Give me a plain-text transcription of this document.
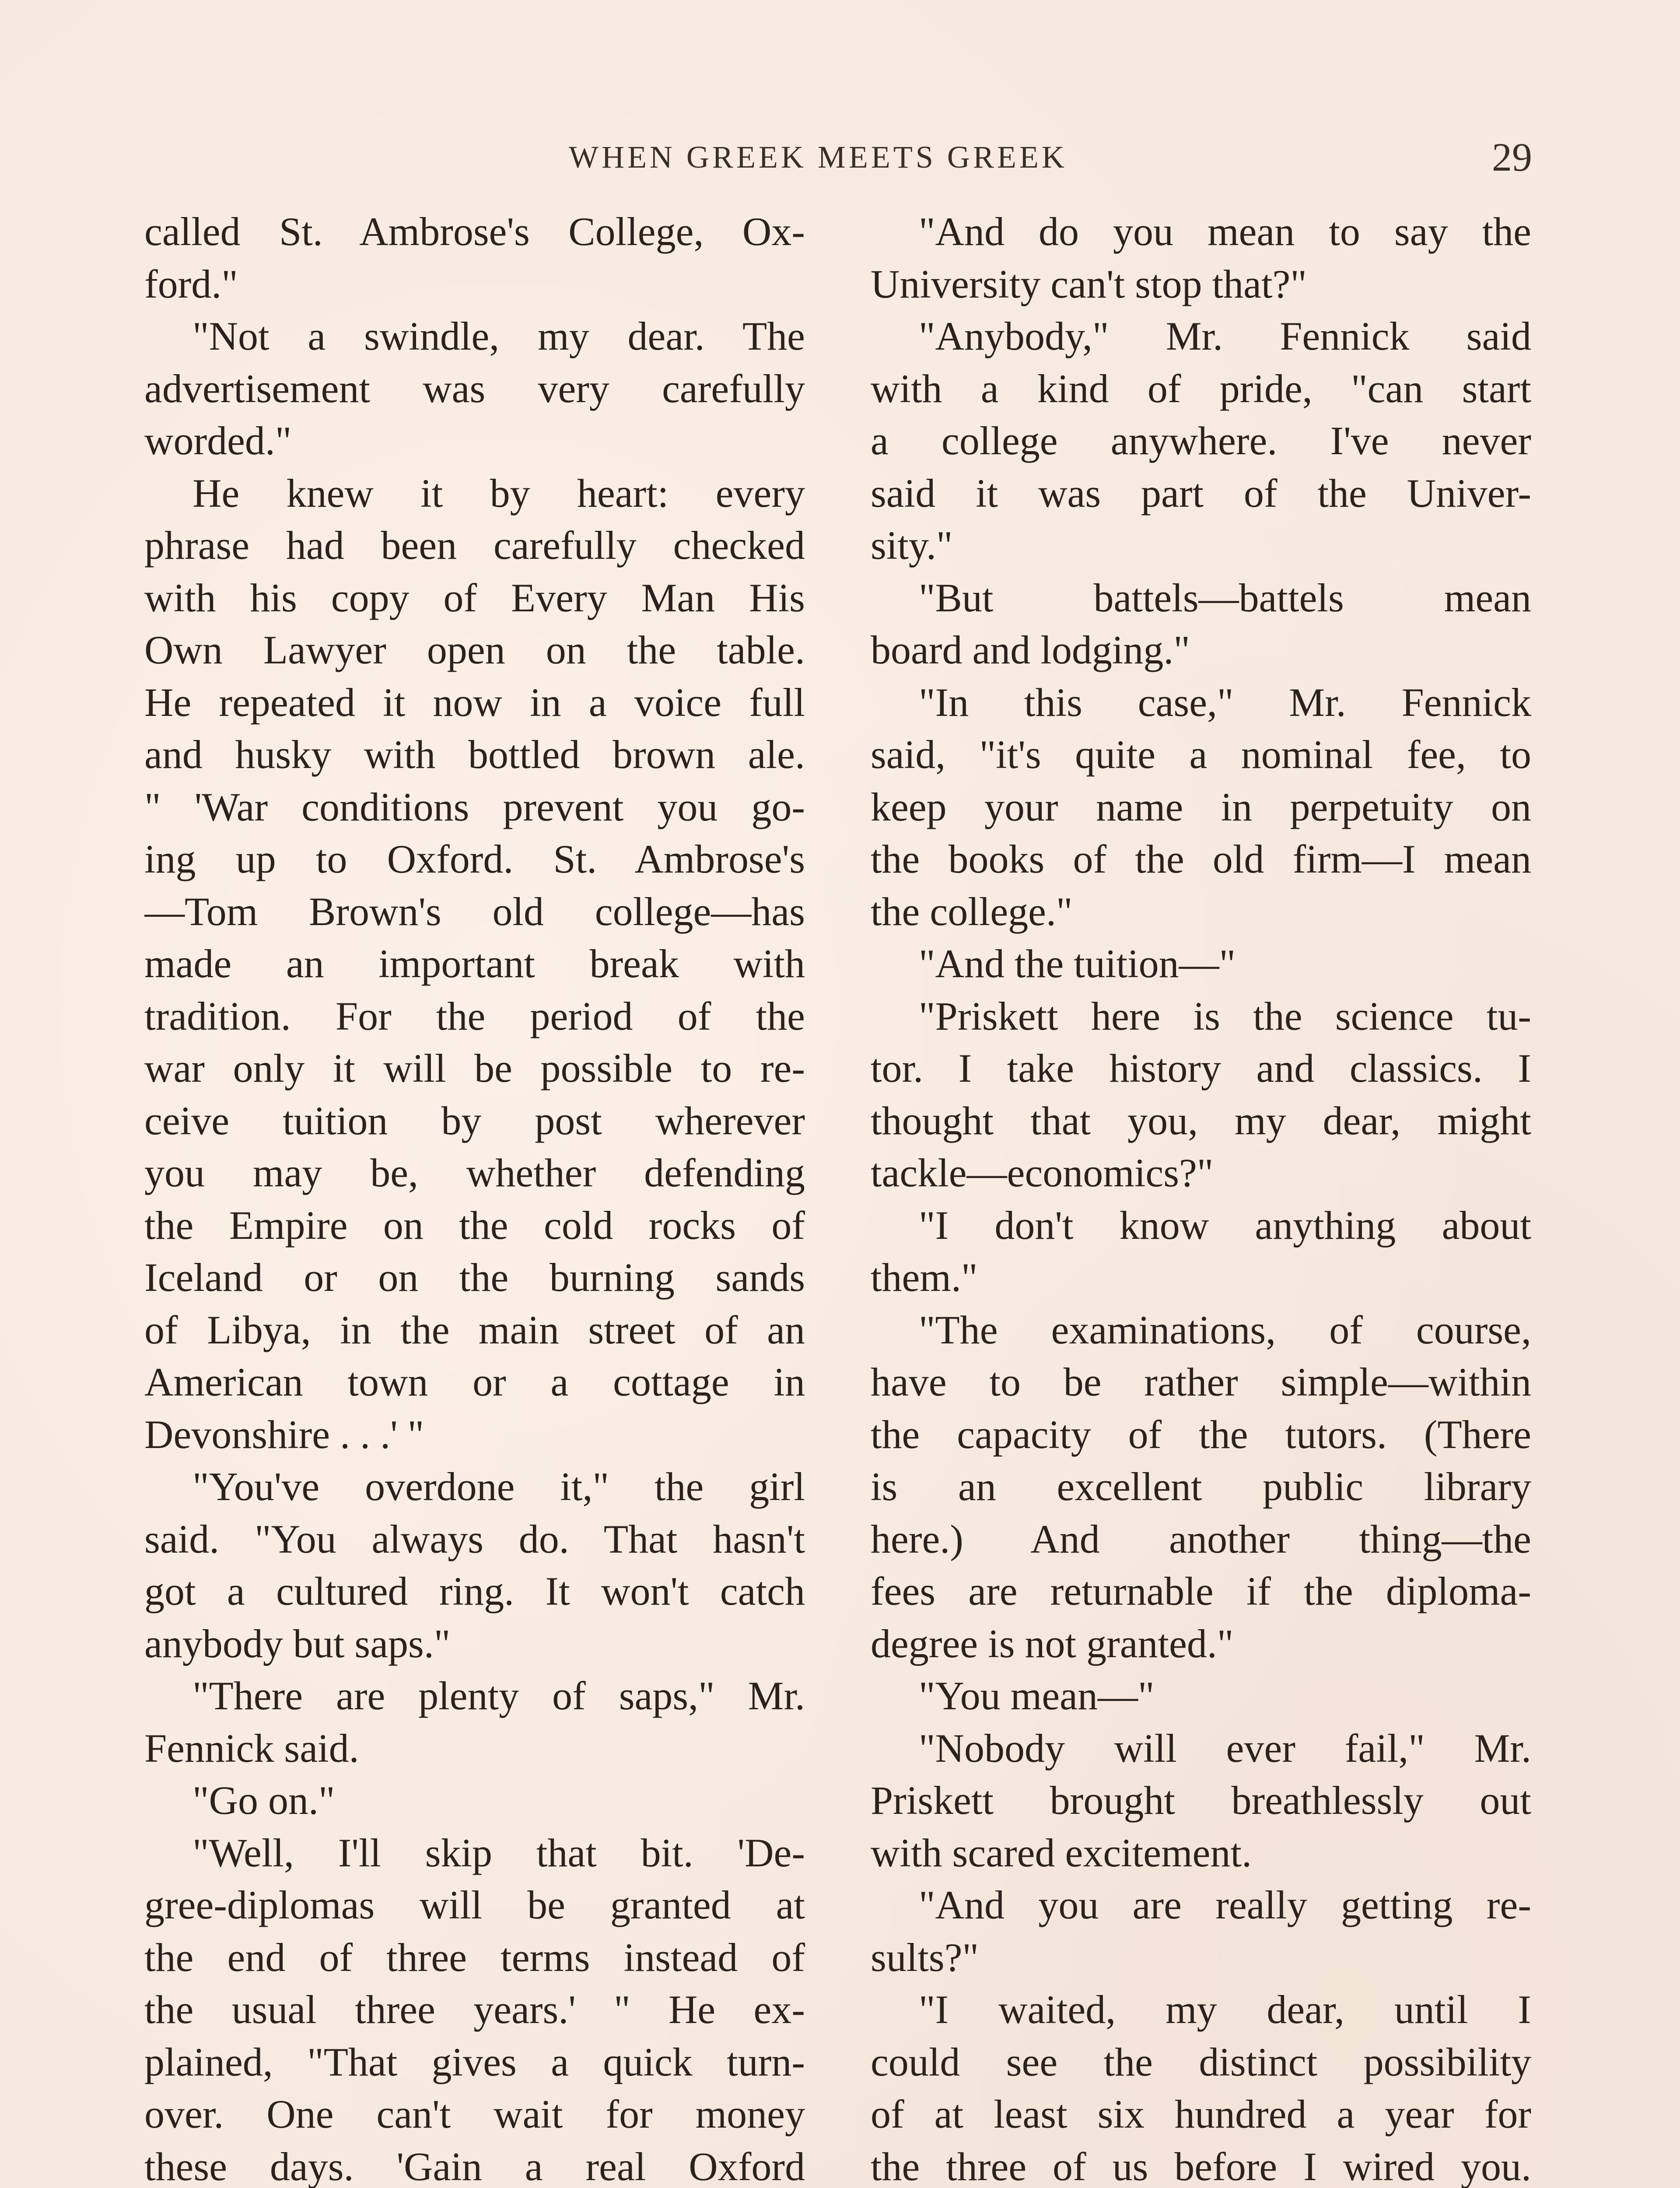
WHEN GREEK MEETS GREEK	29
called St. Ambrose's College, Ox-
ford."
"Not a swindle, my dear. The
advertisement was very carefully
worded."
He knew it by heart: every
phrase had been carefully checked
with his copy of Every Man His
Own Lawyer open on the table.
He repeated it now in a voice full
and husky with bottled brown ale.
" 'War conditions prevent you go-
ing up to Oxford. St. Ambrose's
—Tom Brown's old college—has
made an important break with
tradition. For the period of the
war only it will be possible to re-
ceive tuition by post wherever
you may be, whether defending
the Empire on the cold rocks of
Iceland or on the burning sands
of Libya, in the main street of an
American town or a cottage in
Devonshire . . .' "
"You've overdone it," the girl
said. "You always do. That hasn't
got a cultured ring. It won't catch
anybody but saps."
"There are plenty of saps," Mr.
Fennick said.
"Go on."
"Well, I'll skip that bit. 'De-
gree-diplomas will be granted at
the end of three terms instead of
the usual three years.' " He ex-
plained, "That gives a quick turn-
over. One can't wait for money
these days. 'Gain a real Oxford
"And do you mean to say the
University can't stop that?"
"Anybody," Mr. Fennick said
with a kind of pride, "can start
a college anywhere. I've never
said it was part of the Univer-
sity."
"But battels—battels mean
board and lodging."
"In this case," Mr. Fennick
said, "it's quite a nominal fee, to
keep your name in perpetuity on
the books of the old firm—I mean
the college."
"And the tuition—"
"Priskett here is the science tu-
tor. I take history and classics. I
thought that you, my dear, might
tackle—economics?"
"I don't know anything about
them."
"The examinations, of course,
have to be rather simple—within
the capacity of the tutors. (There
is an excellent public library
here.) And another thing—the
fees are returnable if the diploma-
degree is not granted."
"You mean—"
"Nobody will ever fail," Mr.
Priskett brought breathlessly out
with scared excitement.
"And you are really getting re-
sults?"
"I waited, my dear, until I
could see the distinct possibility
of at least six hundred a year for
the three of us before I wired you.
